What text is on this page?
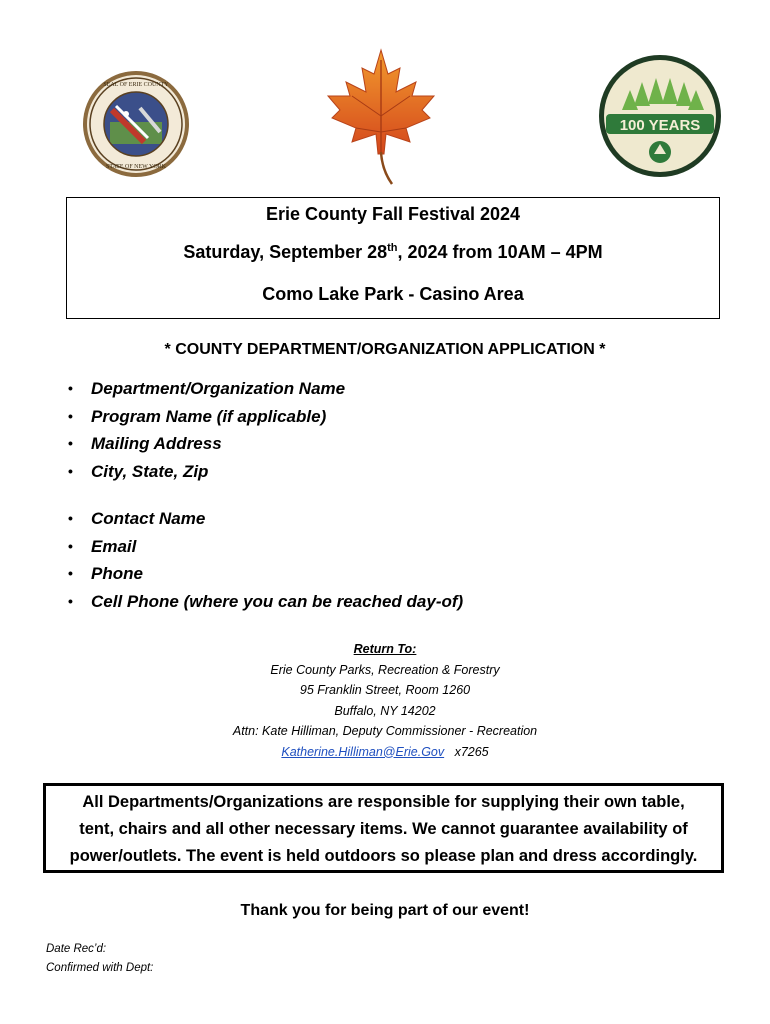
SEAL OF ERIE COUNTY
STATE OF NEW YORK
100 YEARS
Erie County Fall Festival 2024
Saturday, September 28th, 2024 from 10AM – 4PM
Como Lake Park - Casino Area
* COUNTY DEPARTMENT/ORGANIZATION APPLICATION *
• Department/Organization Name
• Program Name (if applicable)
• Mailing Address
• City, State, Zip
• Contact Name
• Email
• Phone
• Cell Phone (where you can be reached day-of)
Return To:
Erie County Parks, Recreation & Forestry
95 Franklin Street, Room 1260
Buffalo, NY 14202
Attn: Kate Hilliman, Deputy Commissioner - Recreation
Katherine.Hilliman@Erie.Gov x7265
All Departments/Organizations are responsible for supplying their own table,
tent, chairs and all other necessary items. We cannot guarantee availability of
power/outlets. The event is held outdoors so please plan and dress accordingly.
Thank you for being part of our event!
Date Rec’d:
Confirmed with Dept:
